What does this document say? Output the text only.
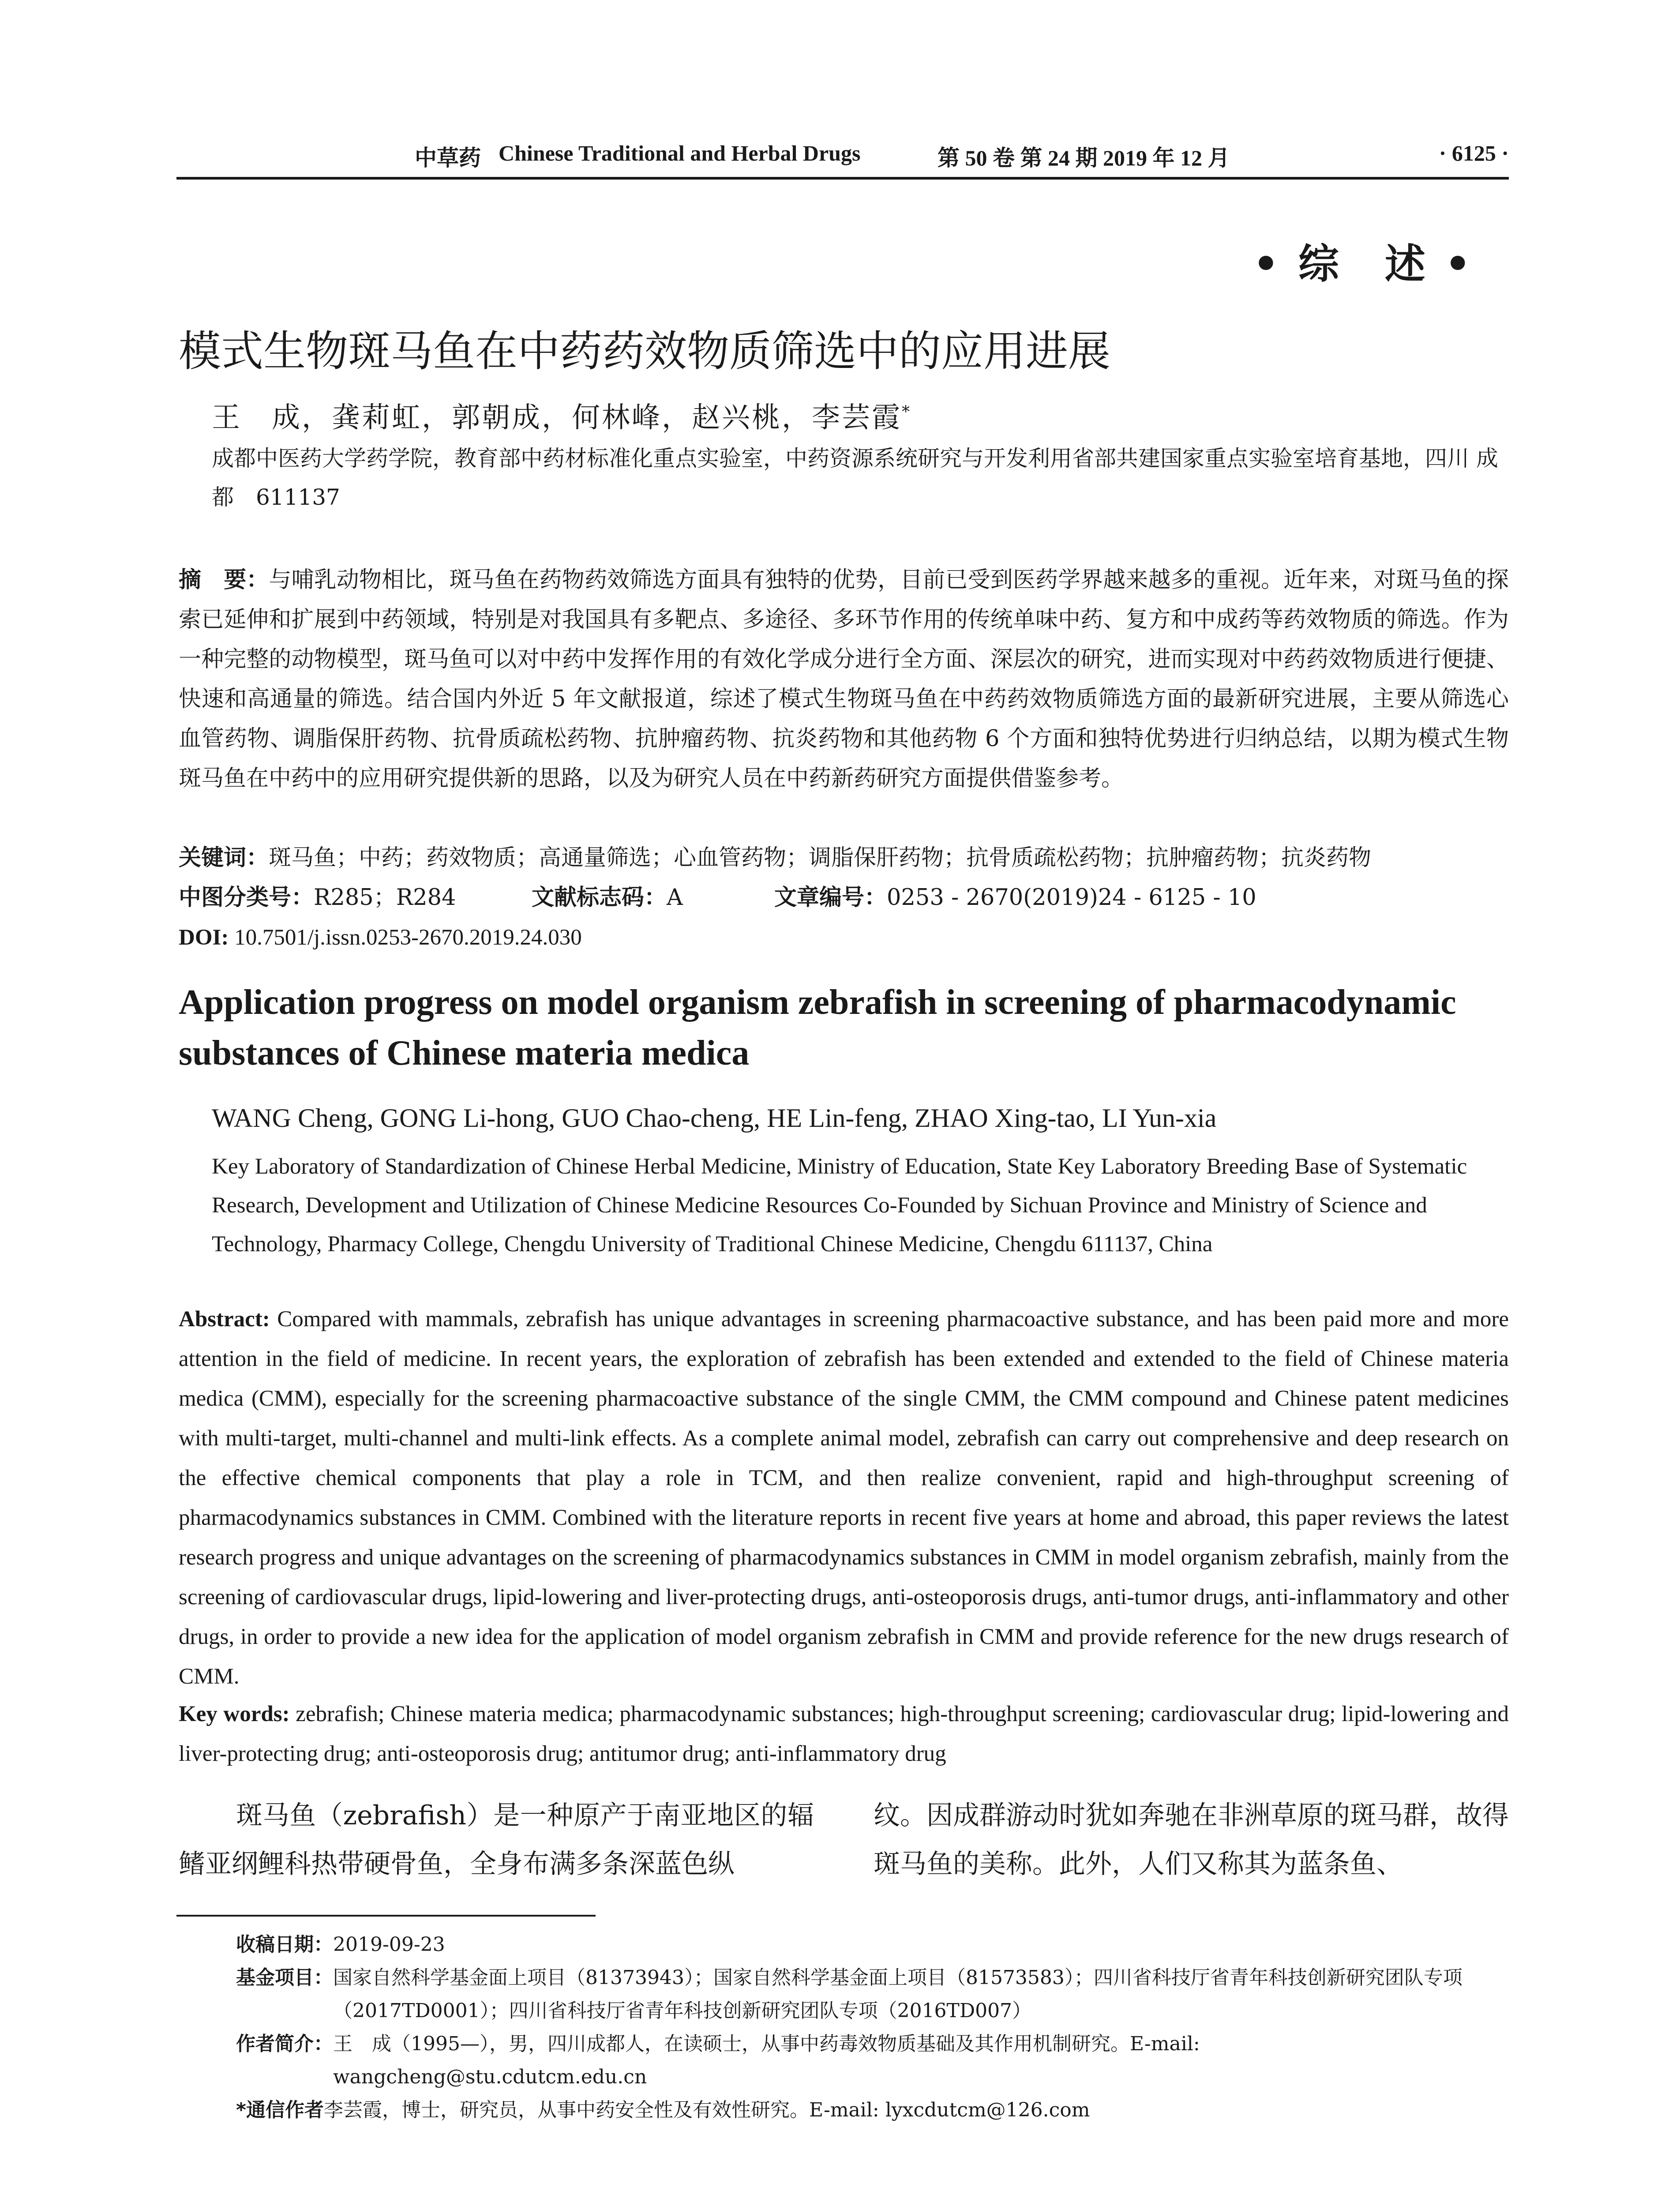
中草药 Chinese Traditional and Herbal Drugs	第 50 卷 第 24 期 2019 年 12 月	· 6125 ·
• 综　述 •
模式生物斑马鱼在中药药效物质筛选中的应用进展
王　成，龚莉虹，郭朝成，何林峰，赵兴桃，李芸霞*
成都中医药大学药学院，教育部中药材标准化重点实验室，中药资源系统研究与开发利用省部共建国家重点实验室培育基地，四川 成都　611137
摘　要：与哺乳动物相比，斑马鱼在药物药效筛选方面具有独特的优势，目前已受到医药学界越来越多的重视。近年来，对斑马鱼的探索已延伸和扩展到中药领域，特别是对我国具有多靶点、多途径、多环节作用的传统单味中药、复方和中成药等药效物质的筛选。作为一种完整的动物模型，斑马鱼可以对中药中发挥作用的有效化学成分进行全方面、深层次的研究，进而实现对中药药效物质进行便捷、快速和高通量的筛选。结合国内外近 5 年文献报道，综述了模式生物斑马鱼在中药药效物质筛选方面的最新研究进展，主要从筛选心血管药物、调脂保肝药物、抗骨质疏松药物、抗肿瘤药物、抗炎药物和其他药物 6 个方面和独特优势进行归纳总结，以期为模式生物斑马鱼在中药中的应用研究提供新的思路，以及为研究人员在中药新药研究方面提供借鉴参考。
关键词：斑马鱼；中药；药效物质；高通量筛选；心血管药物；调脂保肝药物；抗骨质疏松药物；抗肿瘤药物；抗炎药物
中图分类号：R285；R284	文献标志码：A	文章编号：0253 - 2670(2019)24 - 6125 - 10
DOI: 10.7501/j.issn.0253-2670.2019.24.030
Application progress on model organism zebrafish in screening of pharmacodynamic substances of Chinese materia medica
WANG Cheng, GONG Li-hong, GUO Chao-cheng, HE Lin-feng, ZHAO Xing-tao, LI Yun-xia
Key Laboratory of Standardization of Chinese Herbal Medicine, Ministry of Education, State Key Laboratory Breeding Base of Systematic Research, Development and Utilization of Chinese Medicine Resources Co-Founded by Sichuan Province and Ministry of Science and Technology, Pharmacy College, Chengdu University of Traditional Chinese Medicine, Chengdu 611137, China
Abstract: Compared with mammals, zebrafish has unique advantages in screening pharmacoactive substance, and has been paid more and more attention in the field of medicine. In recent years, the exploration of zebrafish has been extended and extended to the field of Chinese materia medica (CMM), especially for the screening pharmacoactive substance of the single CMM, the CMM compound and Chinese patent medicines with multi-target, multi-channel and multi-link effects. As a complete animal model, zebrafish can carry out comprehensive and deep research on the effective chemical components that play a role in TCM, and then realize convenient, rapid and high-throughput screening of pharmacodynamics substances in CMM. Combined with the literature reports in recent five years at home and abroad, this paper reviews the latest research progress and unique advantages on the screening of pharmacodynamics substances in CMM in model organism zebrafish, mainly from the screening of cardiovascular drugs, lipid-lowering and liver-protecting drugs, anti-osteoporosis drugs, anti-tumor drugs, anti-inflammatory and other drugs, in order to provide a new idea for the application of model organism zebrafish in CMM and provide reference for the new drugs research of CMM.
Key words: zebrafish; Chinese materia medica; pharmacodynamic substances; high-throughput screening; cardiovascular drug; lipid-lowering and liver-protecting drug; anti-osteoporosis drug; antitumor drug; anti-inflammatory drug
斑马鱼（zebrafish）是一种原产于南亚地区的辐鳍亚纲鲤科热带硬骨鱼，全身布满多条深蓝色纵
纹。因成群游动时犹如奔驰在非洲草原的斑马群，故得斑马鱼的美称。此外，人们又称其为蓝条鱼、
收稿日期： 2019-09-23
基金项目： 国家自然科学基金面上项目（81373943）；国家自然科学基金面上项目（81573583）；四川省科技厅省青年科技创新研究团队专项（2017TD0001）；四川省科技厅省青年科技创新研究团队专项（2016TD007）
作者简介： 王　成（1995—），男，四川成都人，在读硕士，从事中药毒效物质基础及其作用机制研究。E-mail: wangcheng@stu.cdutcm.edu.cn
*通信作者 李芸霞，博士，研究员，从事中药安全性及有效性研究。E-mail: lyxcdutcm@126.com
